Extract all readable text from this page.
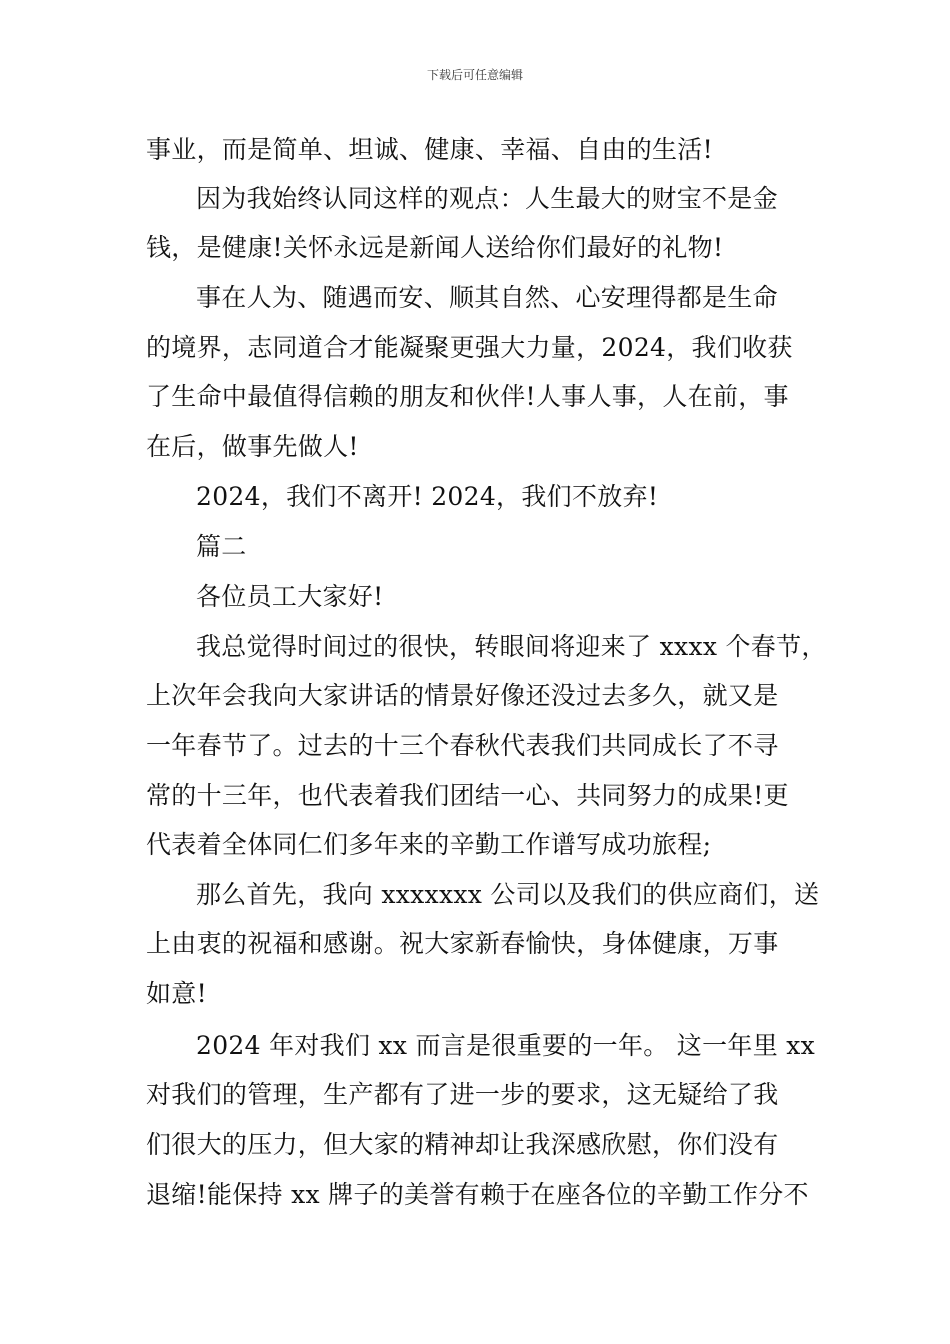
下载后可任意编辑
事业，而是简单、坦诚、健康、幸福、自由的生活!
因为我始终认同这样的观点：人生最大的财宝不是金
钱，是健康!关怀永远是新闻人送给你们最好的礼物!
事在人为、随遇而安、顺其自然、心安理得都是生命
的境界，志同道合才能凝聚更强大力量，2024，我们收获
了生命中最值得信赖的朋友和伙伴!人事人事，人在前，事
在后，做事先做人!
2024，我们不离开! 2024，我们不放弃!
篇二
各位员工大家好!
我总觉得时间过的很快，转眼间将迎来了 xxxx 个春节，
上次年会我向大家讲话的情景好像还没过去多久，就又是
一年春节了。过去的十三个春秋代表我们共同成长了不寻
常的十三年，也代表着我们团结一心、共同努力的成果!更
代表着全体同仁们多年来的辛勤工作谱写成功旅程;
那么首先，我向 xxxxxxx 公司以及我们的供应商们，送
上由衷的祝福和感谢。祝大家新春愉快，身体健康，万事
如意!
2024 年对我们 xx 而言是很重要的一年。 这一年里 xx
对我们的管理，生产都有了进一步的要求，这无疑给了我
们很大的压力，但大家的精神却让我深感欣慰，你们没有
退缩!能保持 xx 牌子的美誉有赖于在座各位的辛勤工作分不
